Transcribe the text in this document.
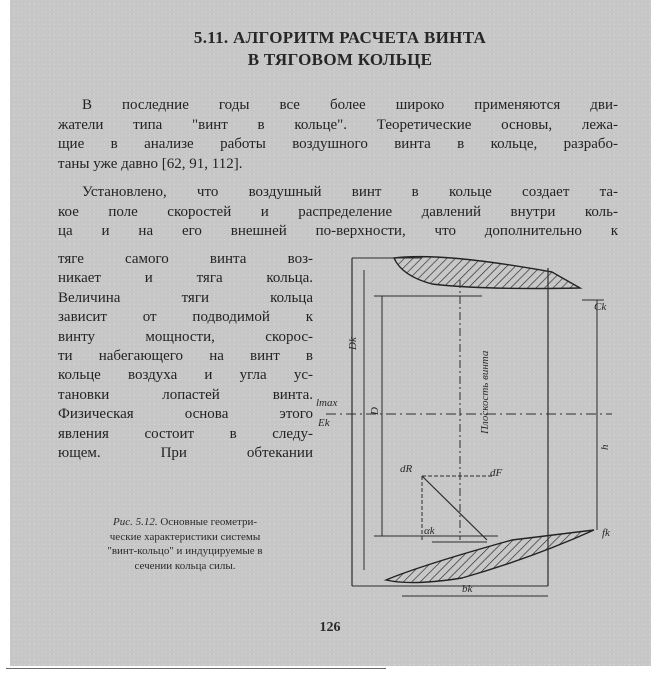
5.11. АЛГОРИТМ РАСЧЕТА ВИНТА
В ТЯГОВОМ КОЛЬЦЕ
В последние годы все более широко применяются дви-
жатели типа "винт в кольце". Теоретические основы, лежа-
щие в анализе работы воздушного винта в кольце, разрабо-
таны уже давно [62, 91, 112].
Установлено, что воздушный винт в кольце создает та-
кое поле скоростей и распределение давлений внутри коль-
ца и на его внешней по-верхности, что дополнительно к
тяге самого винта воз-
никает и тяга кольца.
Величина тяги кольца
зависит от подводимой к
винту мощности, скорос-
ти набегающего на винт в
кольце воздуха и угла ус-
тановки лопастей винта.
Физическая основа этого
явления состоит в следу-
ющем. При обтекании
Рис. 5.12. Основные геометри-
ческие характеристики системы
"винт-кольцо" и индуцируемые в
сечении кольца силы.
Dk
D
lmax	Плоскость винта
h
dR	dF
αk
bk
Ck
Ek
fk
126
